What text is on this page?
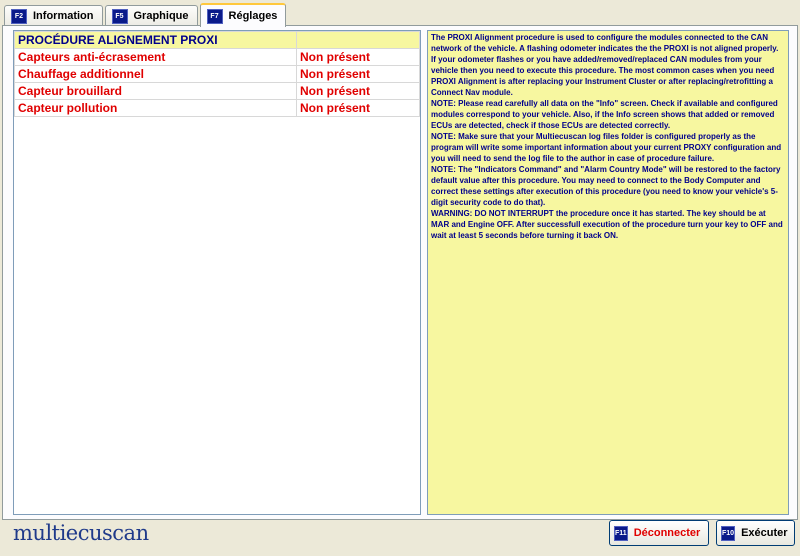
F2 Information	F5 Graphique	F7 Réglages
PROCÉDURE ALIGNEMENT PROXI	
Capteurs anti-écrasement	Non présent
Chauffage additionnel	Non présent
Capteur brouillard	Non présent
Capteur pollution	Non présent

The PROXI Alignment procedure is used to configure the modules connected to the CAN network of the vehicle. A flashing odometer indicates the the PROXI is not aligned properly. If your odometer flashes or you have added/removed/replaced CAN modules from your vehicle then you need to execute this procedure. The most common cases when you need PROXI Alignment is after replacing your Instrument Cluster or after replacing/retrofitting a Connect Nav module.

NOTE: Please read carefully all data on the "Info" screen. Check if available and configured modules correspond to your vehicle. Also, if the Info screen shows that added or removed ECUs are detected, check if those ECUs are detected correctly.

NOTE: Make sure that your Multiecuscan log files folder is configured properly as the program will write some important information about your current PROXY configuration and you will need to send the log file to the author in case of procedure failure.

NOTE: The "Indicators Command" and "Alarm Country Mode" will be restored to the factory default value after this procedure. You may need to connect to the Body Computer and correct these settings after execution of this procedure (you need to know your vehicle's 5-digit security code to do that).

WARNING: DO NOT INTERRUPT the procedure once it has started. The key should be at MAR and Engine OFF. After successfull execution of the procedure turn your key to OFF and wait at least 5 seconds before turning it back ON.

multiecuscan	F11 Déconnecter	F10 Exécuter
